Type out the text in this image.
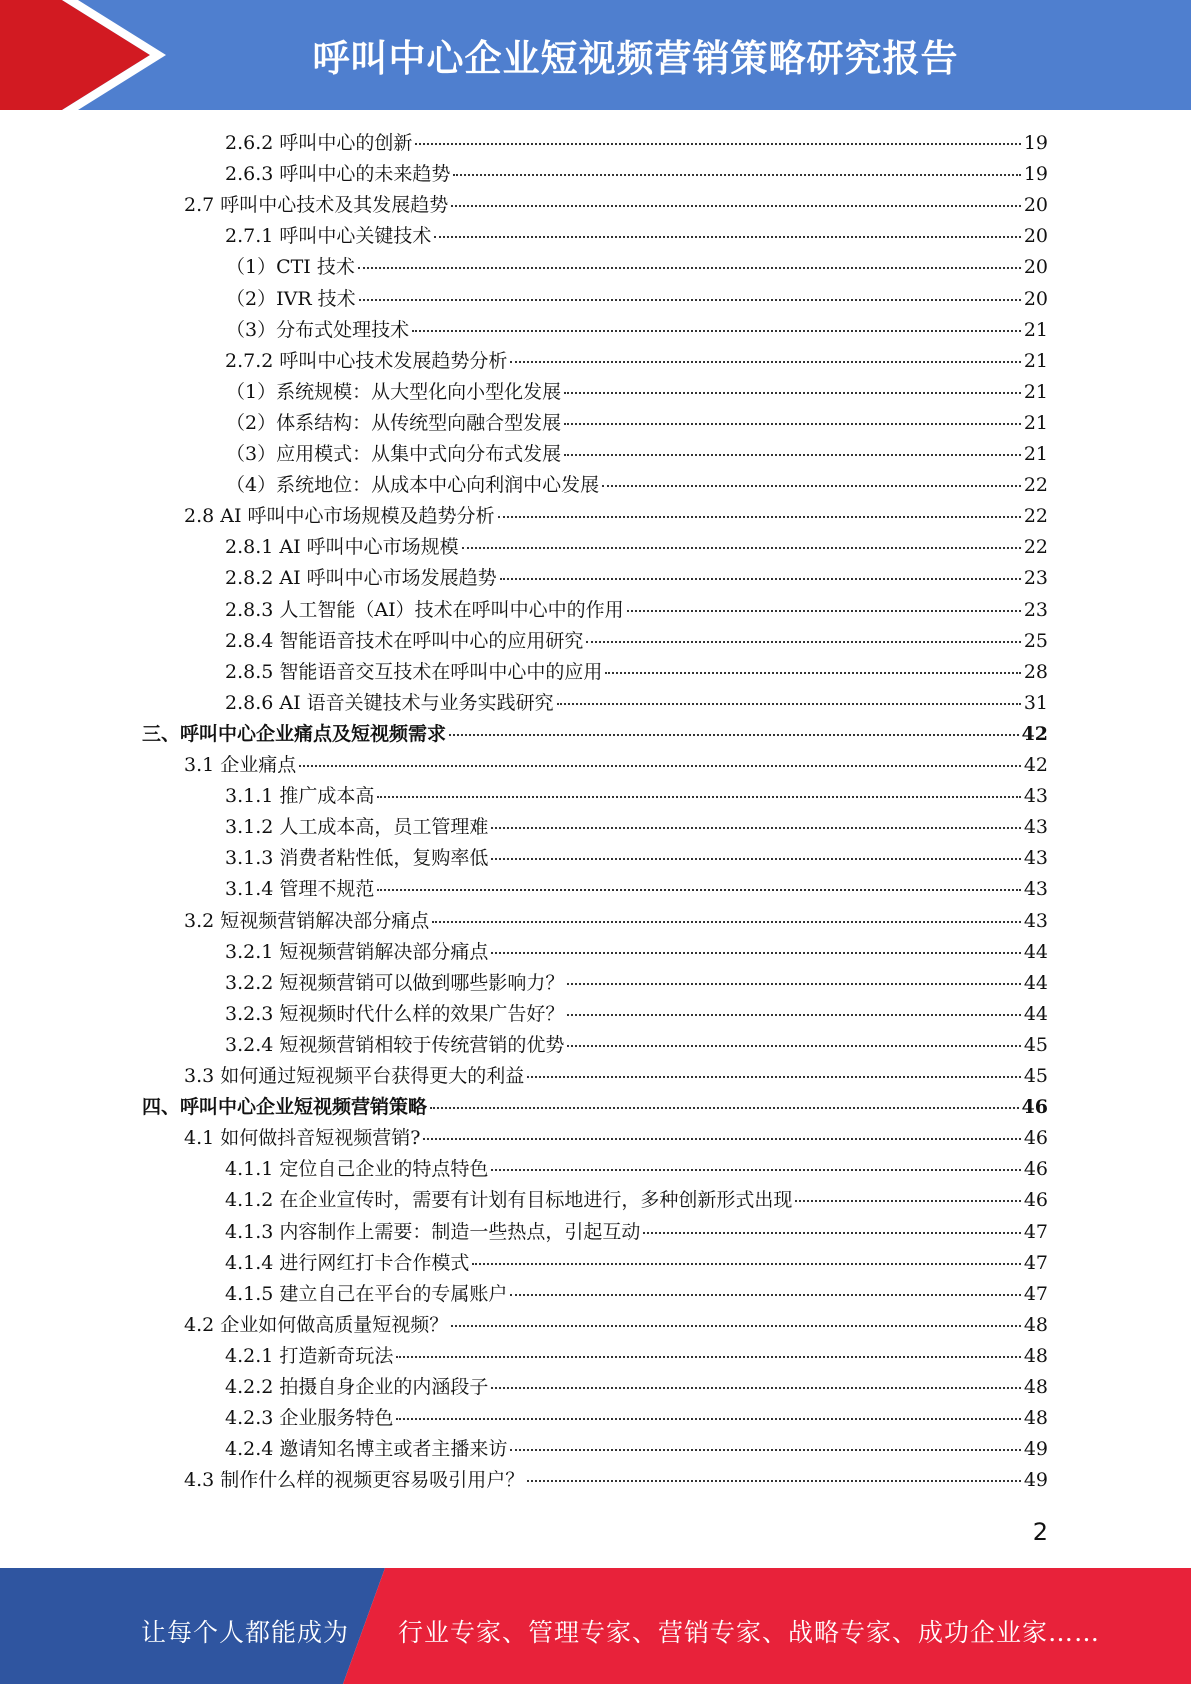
呼叫中心企业短视频营销策略研究报告
2.6.2 呼叫中心的创新	19
2.6.3 呼叫中心的未来趋势	19
2.7 呼叫中心技术及其发展趋势	20
2.7.1 呼叫中心关键技术	20
（1）CTI 技术	20
（2）IVR 技术	20
（3）分布式处理技术	21
2.7.2 呼叫中心技术发展趋势分析	21
（1）系统规模：从大型化向小型化发展	21
（2）体系结构：从传统型向融合型发展	21
（3）应用模式：从集中式向分布式发展	21
（4）系统地位：从成本中心向利润中心发展	22
2.8 AI 呼叫中心市场规模及趋势分析	22
2.8.1 AI 呼叫中心市场规模	22
2.8.2 AI 呼叫中心市场发展趋势	23
2.8.3 人工智能（AI）技术在呼叫中心中的作用	23
2.8.4 智能语音技术在呼叫中心的应用研究	25
2.8.5 智能语音交互技术在呼叫中心中的应用	28
2.8.6 AI 语音关键技术与业务实践研究	31
三、呼叫中心企业痛点及短视频需求	42
3.1 企业痛点	42
3.1.1 推广成本高	43
3.1.2 人工成本高，员工管理难	43
3.1.3 消费者粘性低，复购率低	43
3.1.4 管理不规范	43
3.2 短视频营销解决部分痛点	43
3.2.1 短视频营销解决部分痛点	44
3.2.2 短视频营销可以做到哪些影响力？	44
3.2.3 短视频时代什么样的效果广告好？	44
3.2.4 短视频营销相较于传统营销的优势	45
3.3 如何通过短视频平台获得更大的利益	45
四、呼叫中心企业短视频营销策略	46
4.1 如何做抖音短视频营销?	46
4.1.1 定位自己企业的特点特色	46
4.1.2 在企业宣传时，需要有计划有目标地进行，多种创新形式出现	46
4.1.3 内容制作上需要：制造一些热点，引起互动	47
4.1.4 进行网红打卡合作模式	47
4.1.5 建立自己在平台的专属账户	47
4.2 企业如何做高质量短视频？	48
4.2.1 打造新奇玩法	48
4.2.2 拍摄自身企业的内涵段子	48
4.2.3 企业服务特色	48
4.2.4 邀请知名博主或者主播来访	49
4.3 制作什么样的视频更容易吸引用户？	49
2
让每个人都能成为 行业专家、管理专家、营销专家、战略专家、成功企业家……
